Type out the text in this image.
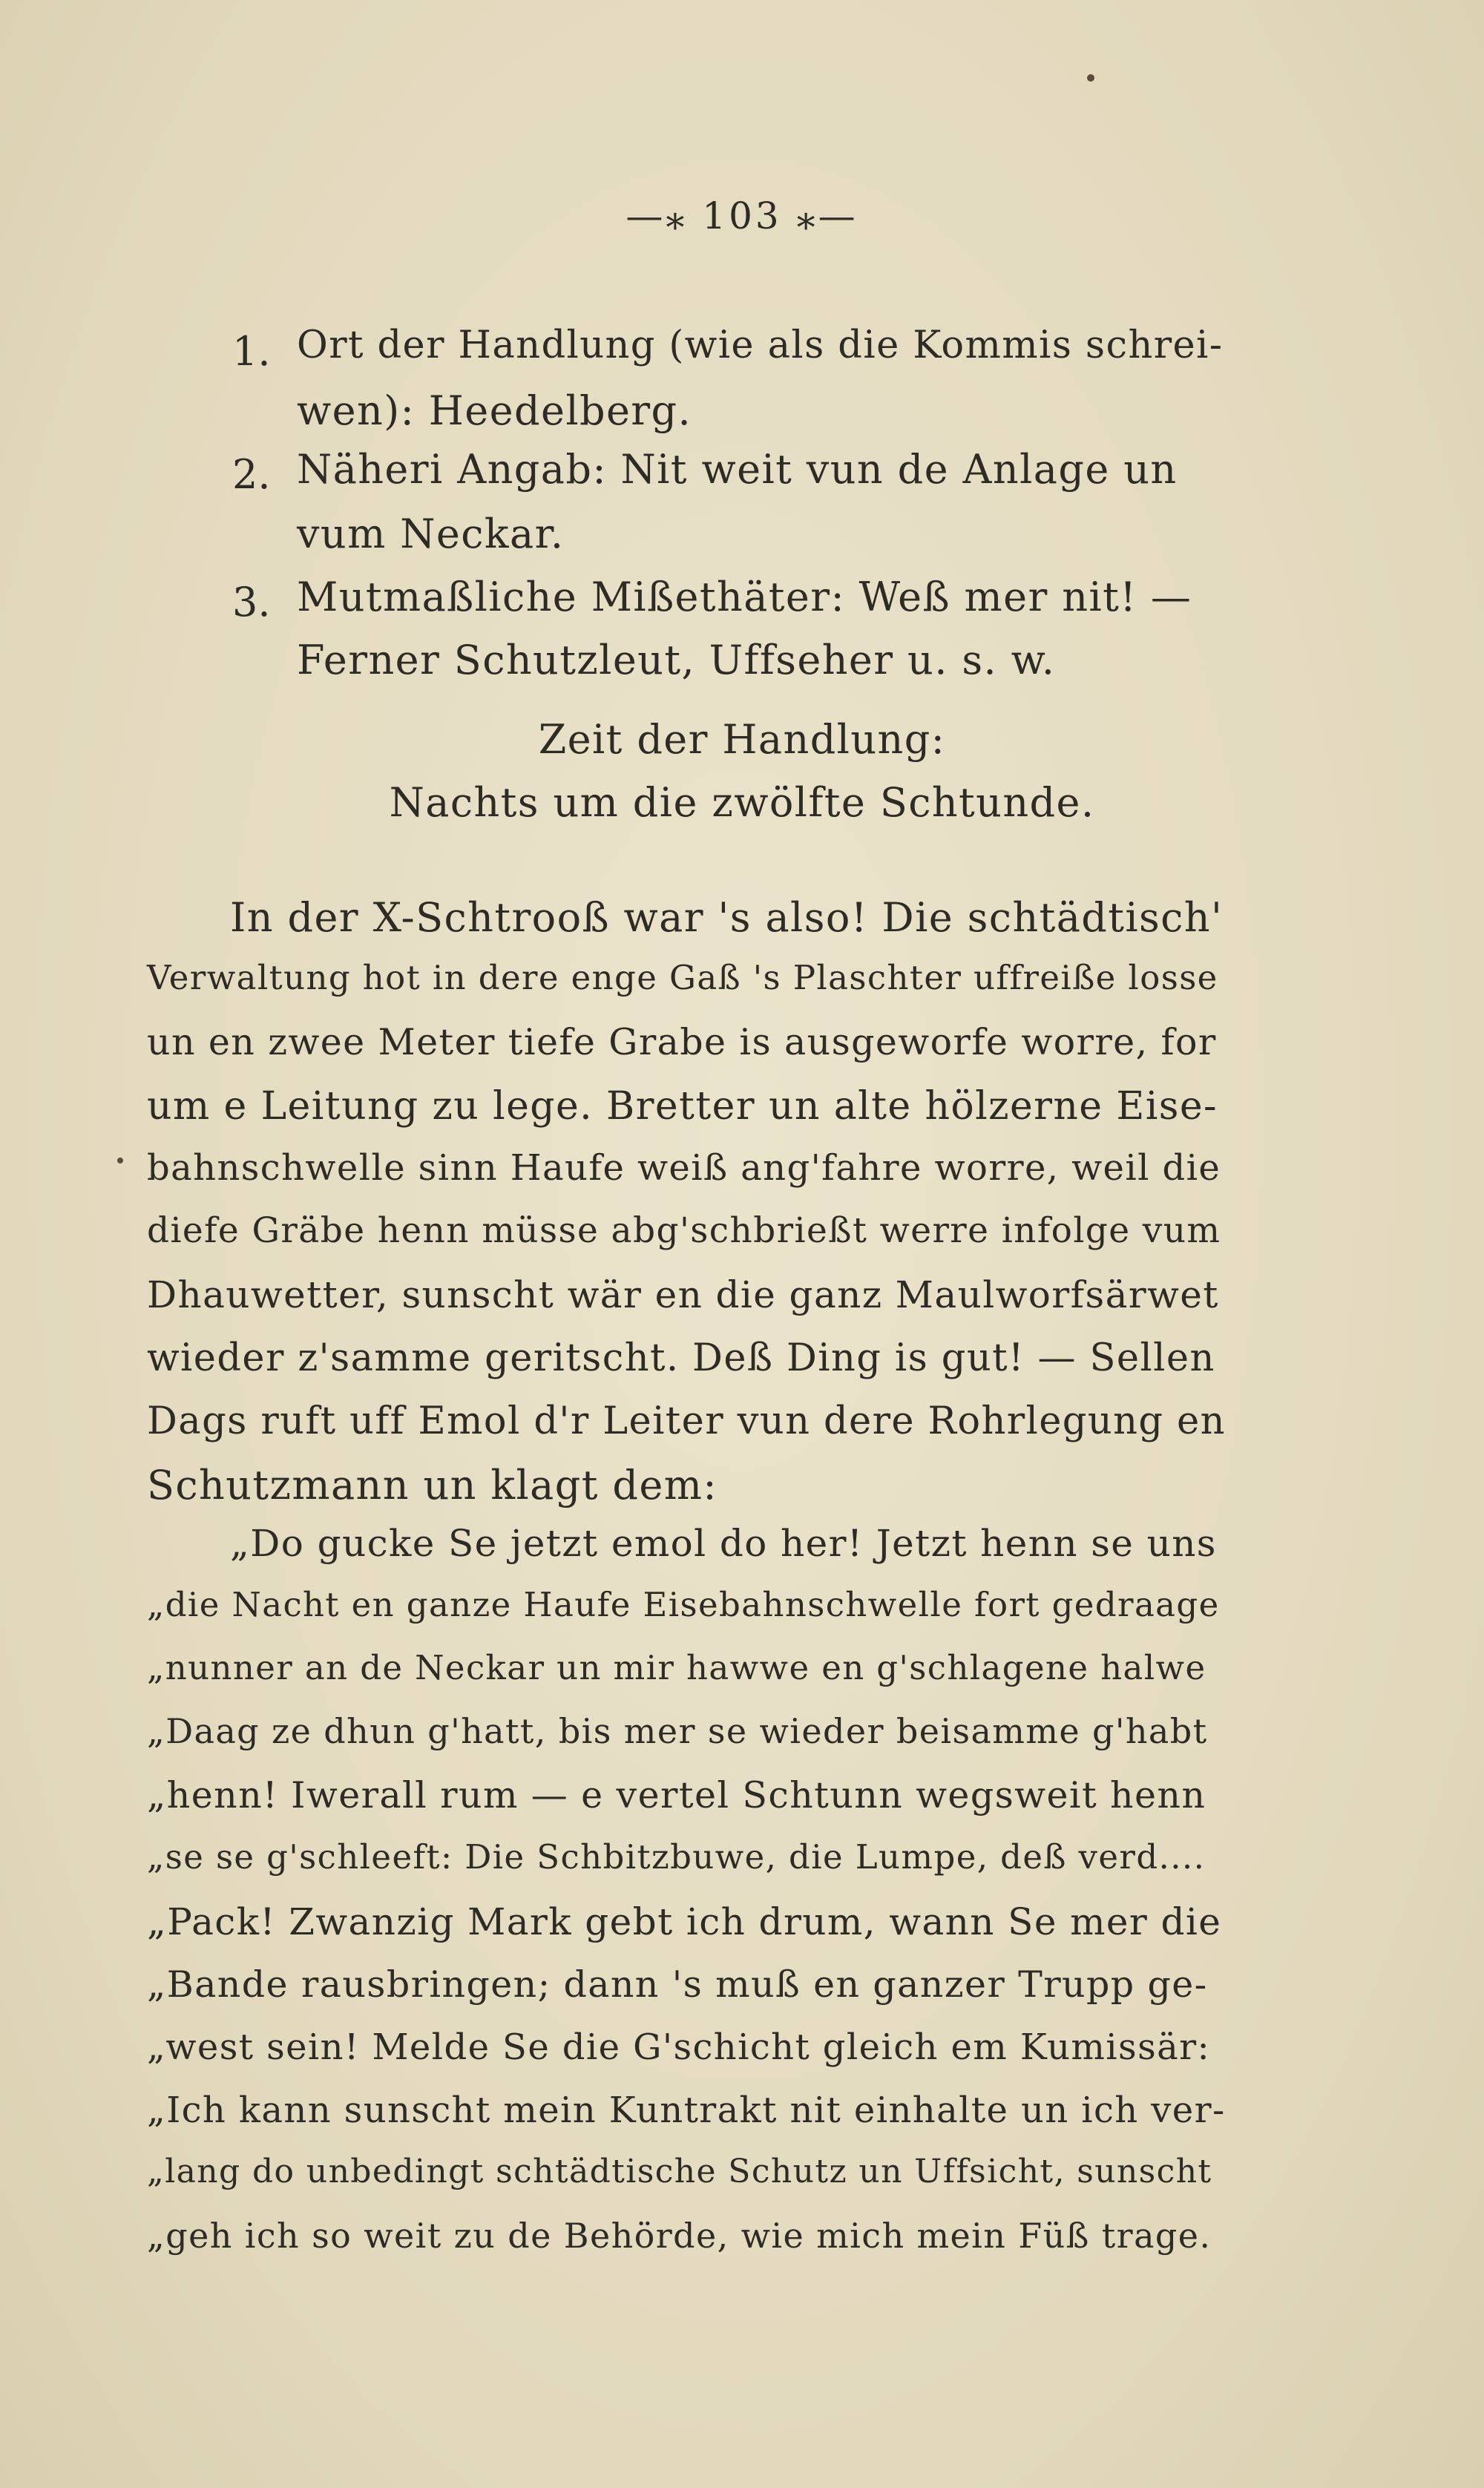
—⁎ 103 ⁎—
1. Ort der Handlung (wie als die Kommis schrei-
wen): Heedelberg.
2. Näheri Angab: Nit weit vun de Anlage un
vum Neckar.
3. Mutmaßliche Mißethäter: Weß mer nit! —
Ferner Schutzleut, Uffseher u. s. w.
Zeit der Handlung:
Nachts um die zwölfte Schtunde.
In der X-Schtrooß war 's also! Die schtädtisch'
Verwaltung hot in dere enge Gaß 's Plaschter uffreiße losse
un en zwee Meter tiefe Grabe is ausgeworfe worre, for
um e Leitung zu lege. Bretter un alte hölzerne Eise-
bahnschwelle sinn Haufe weiß ang'fahre worre, weil die
diefe Gräbe henn müsse abg'schbrießt werre infolge vum
Dhauwetter, sunscht wär en die ganz Maulworfsärwet
wieder z'samme geritscht. Deß Ding is gut! — Sellen
Dags ruft uff Emol d'r Leiter vun dere Rohrlegung en
Schutzmann un klagt dem:
„Do gucke Se jetzt emol do her! Jetzt henn se uns
„die Nacht en ganze Haufe Eisebahnschwelle fort gedraage
„nunner an de Neckar un mir hawwe en g'schlagene halwe
„Daag ze dhun g'hatt, bis mer se wieder beisamme g'habt
„henn! Iwerall rum — e vertel Schtunn wegsweit henn
„se se g'schleeft: Die Schbitzbuwe, die Lumpe, deß verd....
„Pack! Zwanzig Mark gebt ich drum, wann Se mer die
„Bande rausbringen; dann 's muß en ganzer Trupp ge-
„west sein! Melde Se die G'schicht gleich em Kumissär:
„Ich kann sunscht mein Kuntrakt nit einhalte un ich ver-
„lang do unbedingt schtädtische Schutz un Uffsicht, sunscht
„geh ich so weit zu de Behörde, wie mich mein Füß trage.
